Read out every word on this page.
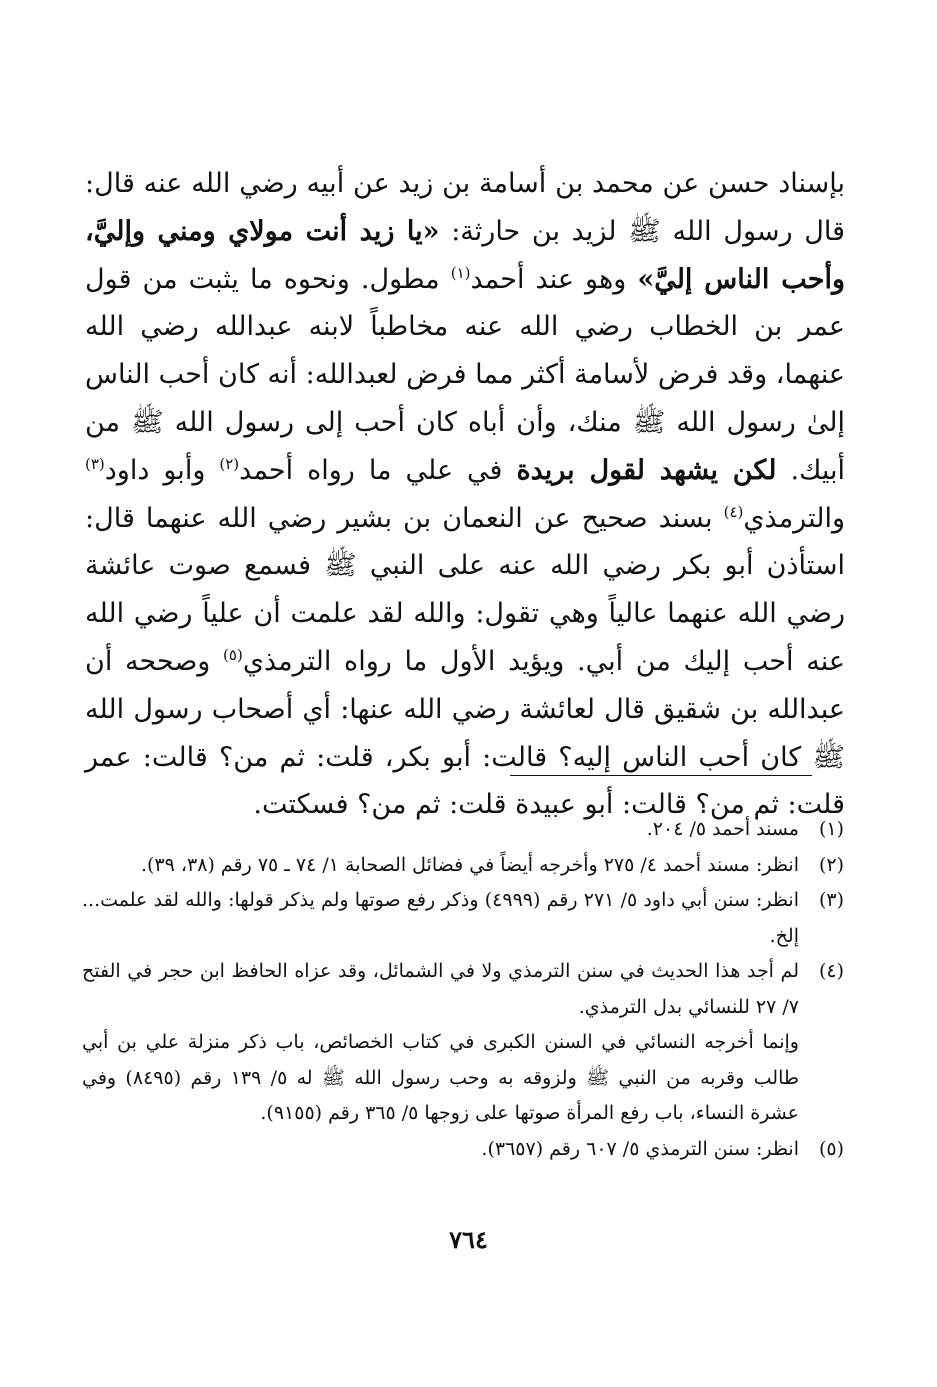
بإسناد حسن عن محمد بن أسامة بن زيد عن أبيه رضي الله عنه قال: قال رسول الله ﷺ لزيد بن حارثة: «يا زيد أنت مولاي ومني وإليَّ، وأحب الناس إليَّ» وهو عند أحمد$^{(١)}$ مطول. ونحوه ما يثبت من قول عمر بن الخطاب رضي الله عنه مخاطباً لابنه عبدالله رضي الله عنهما، وقد فرض لأسامة أكثر مما فرض لعبدالله: أنه كان أحب الناس إلىٰ رسول الله ﷺ منك، وأن أباه كان أحب إلى رسول الله ﷺ من أبيك. لكن يشهد لقول بريدة في علي ما رواه أحمد$^{(٢)}$ وأبو داود$^{(٣)}$ والترمذي$^{(٤)}$ بسند صحيح عن النعمان بن بشير رضي الله عنهما قال: استأذن أبو بكر رضي الله عنه على النبي ﷺ فسمع صوت عائشة رضي الله عنهما عالياً وهي تقول: والله لقد علمت أن علياً رضي الله عنه أحب إليك من أبي. ويؤيد الأول ما رواه الترمذي$^{(٥)}$ وصححه أن عبدالله بن شقيق قال لعائشة رضي الله عنها: أي أصحاب رسول الله ﷺ كان أحب الناس إليه؟ قالت: أبو بكر، قلت: ثم من؟ قالت: عمر قلت: ثم من؟ قالت: أبو عبيدة قلت: ثم من؟ فسكتت.

(١)

مسند أحمد ٥/ ٢٠٤.

(٢)

انظر: مسند أحمد ٤/ ٢٧٥ وأخرجه أيضاً في فضائل الصحابة ١/ ٧٤ ـ ٧٥ رقم (٣٨، ٣٩).

(٣)

انظر: سنن أبي داود ٥/ ٢٧١ رقم (٤٩٩٩) وذكر رفع صوتها ولم يذكر قولها: والله لقد علمت... إلخ.

(٤)

لم أجد هذا الحديث في سنن الترمذي ولا في الشمائل، وقد عزاه الحافظ ابن حجر في الفتح ٧/ ٢٧ للنسائي بدل الترمذي.

وإنما أخرجه النسائي في السنن الكبرى في كتاب الخصائص، باب ذكر منزلة علي بن أبي طالب وقربه من النبي ﷺ ولزوقه به وحب رسول الله ﷺ له ٥/ ١٣٩ رقم (٨٤٩٥) وفي عشرة النساء، باب رفع المرأة صوتها على زوجها ٥/ ٣٦٥ رقم (٩١٥٥).

(٥)

انظر: سنن الترمذي ٥/ ٦٠٧ رقم (٣٦٥٧).

٧٦٤
